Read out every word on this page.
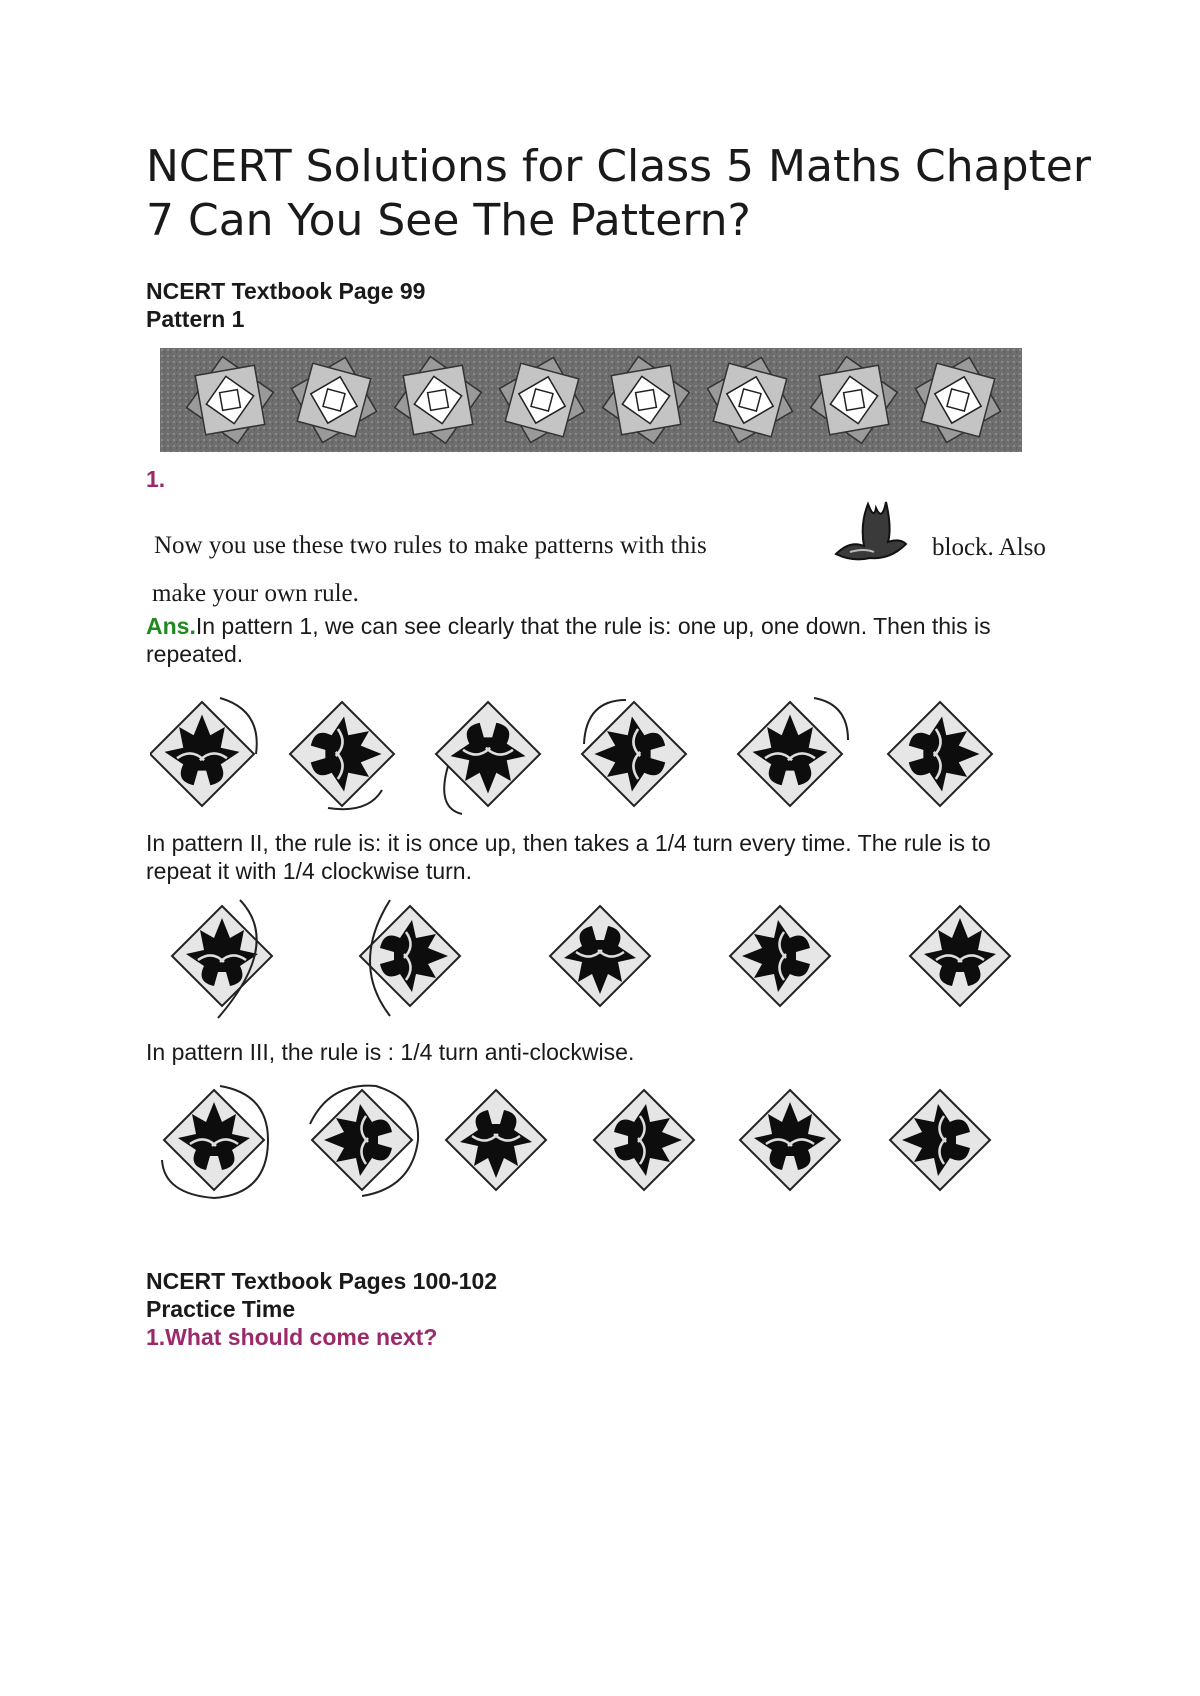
NCERT Solutions for Class 5 Maths Chapter 7 Can You See The Pattern?
NCERT Textbook Page 99
Pattern 1
1.
Now you use these two rules to make patterns with this	block. Also
make your own rule.
Ans.In pattern 1, we can see clearly that the rule is: one up, one down. Then this is repeated.
In pattern II, the rule is: it is once up, then takes a 1/4 turn every time. The rule is to repeat it with 1/4 clockwise turn.
In pattern III, the rule is : 1/4 turn anti-clockwise.
NCERT Textbook Pages 100-102
Practice Time
1.What should come next?
